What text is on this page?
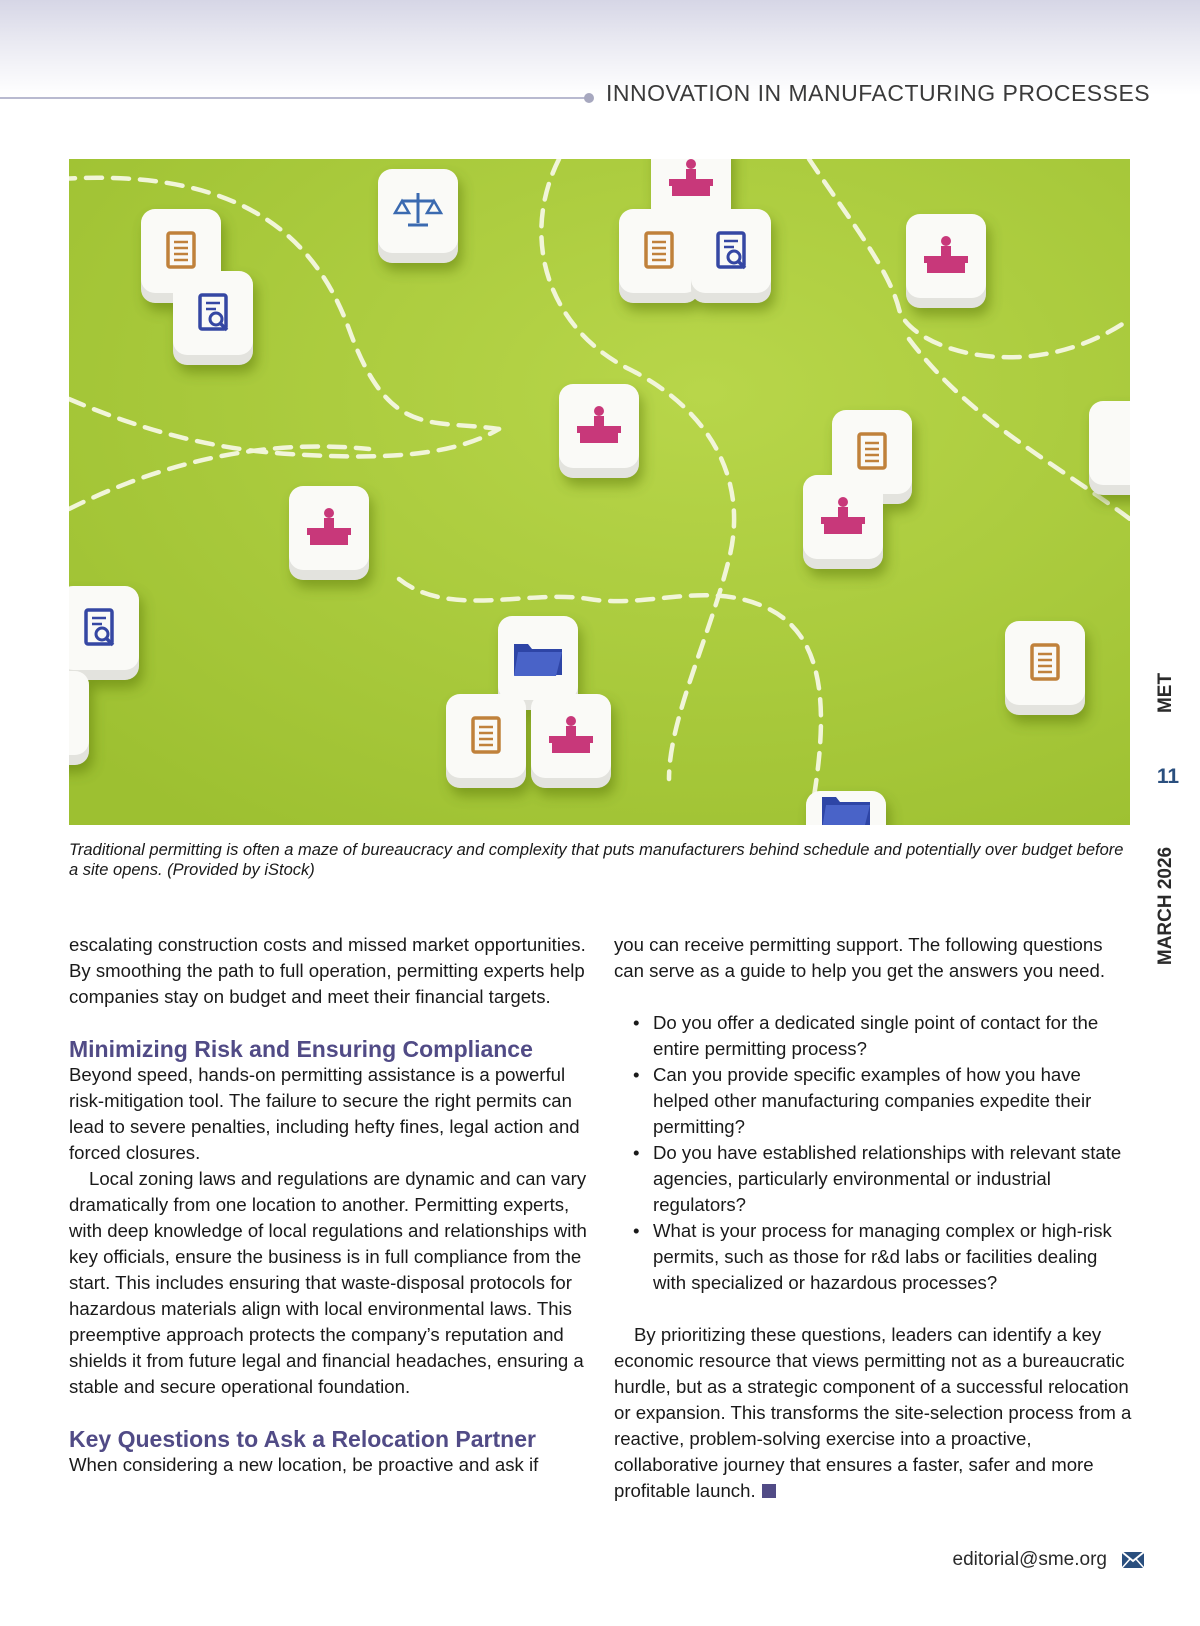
INNOVATION IN MANUFACTURING PROCESSES
Traditional permitting is often a maze of bureaucracy and complexity that puts manufacturers behind schedule and potentially over budget before a site opens. (Provided by iStock)

escalating construction costs and missed market opportunities. By smoothing the path to full operation, permitting experts help companies stay on budget and meet their financial targets.

Minimizing Risk and Ensuring Compliance

Beyond speed, hands-on permitting assistance is a powerful risk-mitigation tool. The failure to secure the right permits can lead to severe penalties, including hefty fines, legal action and forced closures.

Local zoning laws and regulations are dynamic and can vary dramatically from one location to another. Permitting experts, with deep knowledge of local regulations and relationships with key officials, ensure the business is in full compliance from the start. This includes ensuring that waste-disposal protocols for hazardous materials align with local environmental laws. This preemptive approach protects the company’s reputation and shields it from future legal and financial headaches, ensuring a stable and secure operational foundation.

Key Questions to Ask a Relocation Partner

When considering a new location, be proactive and ask if

you can receive permitting support. The following questions can serve as a guide to help you get the answers you need.

• Do you offer a dedicated single point of contact for the entire permitting process?
• Can you provide specific examples of how you have helped other manufacturing companies expedite their permitting?
• Do you have established relationships with relevant state agencies, particularly environmental or industrial regulators?
• What is your process for managing complex or high-risk permits, such as those for r&d labs or facilities dealing with specialized or hazardous processes?

By prioritizing these questions, leaders can identify a key economic resource that views permitting not as a bureaucratic hurdle, but as a strategic component of a successful relocation or expansion. This transforms the site-selection process from a reactive, problem-solving exercise into a proactive, collaborative journey that ensures a faster, safer and more profitable launch.

MET
11
MARCH 2026
editorial@sme.org
